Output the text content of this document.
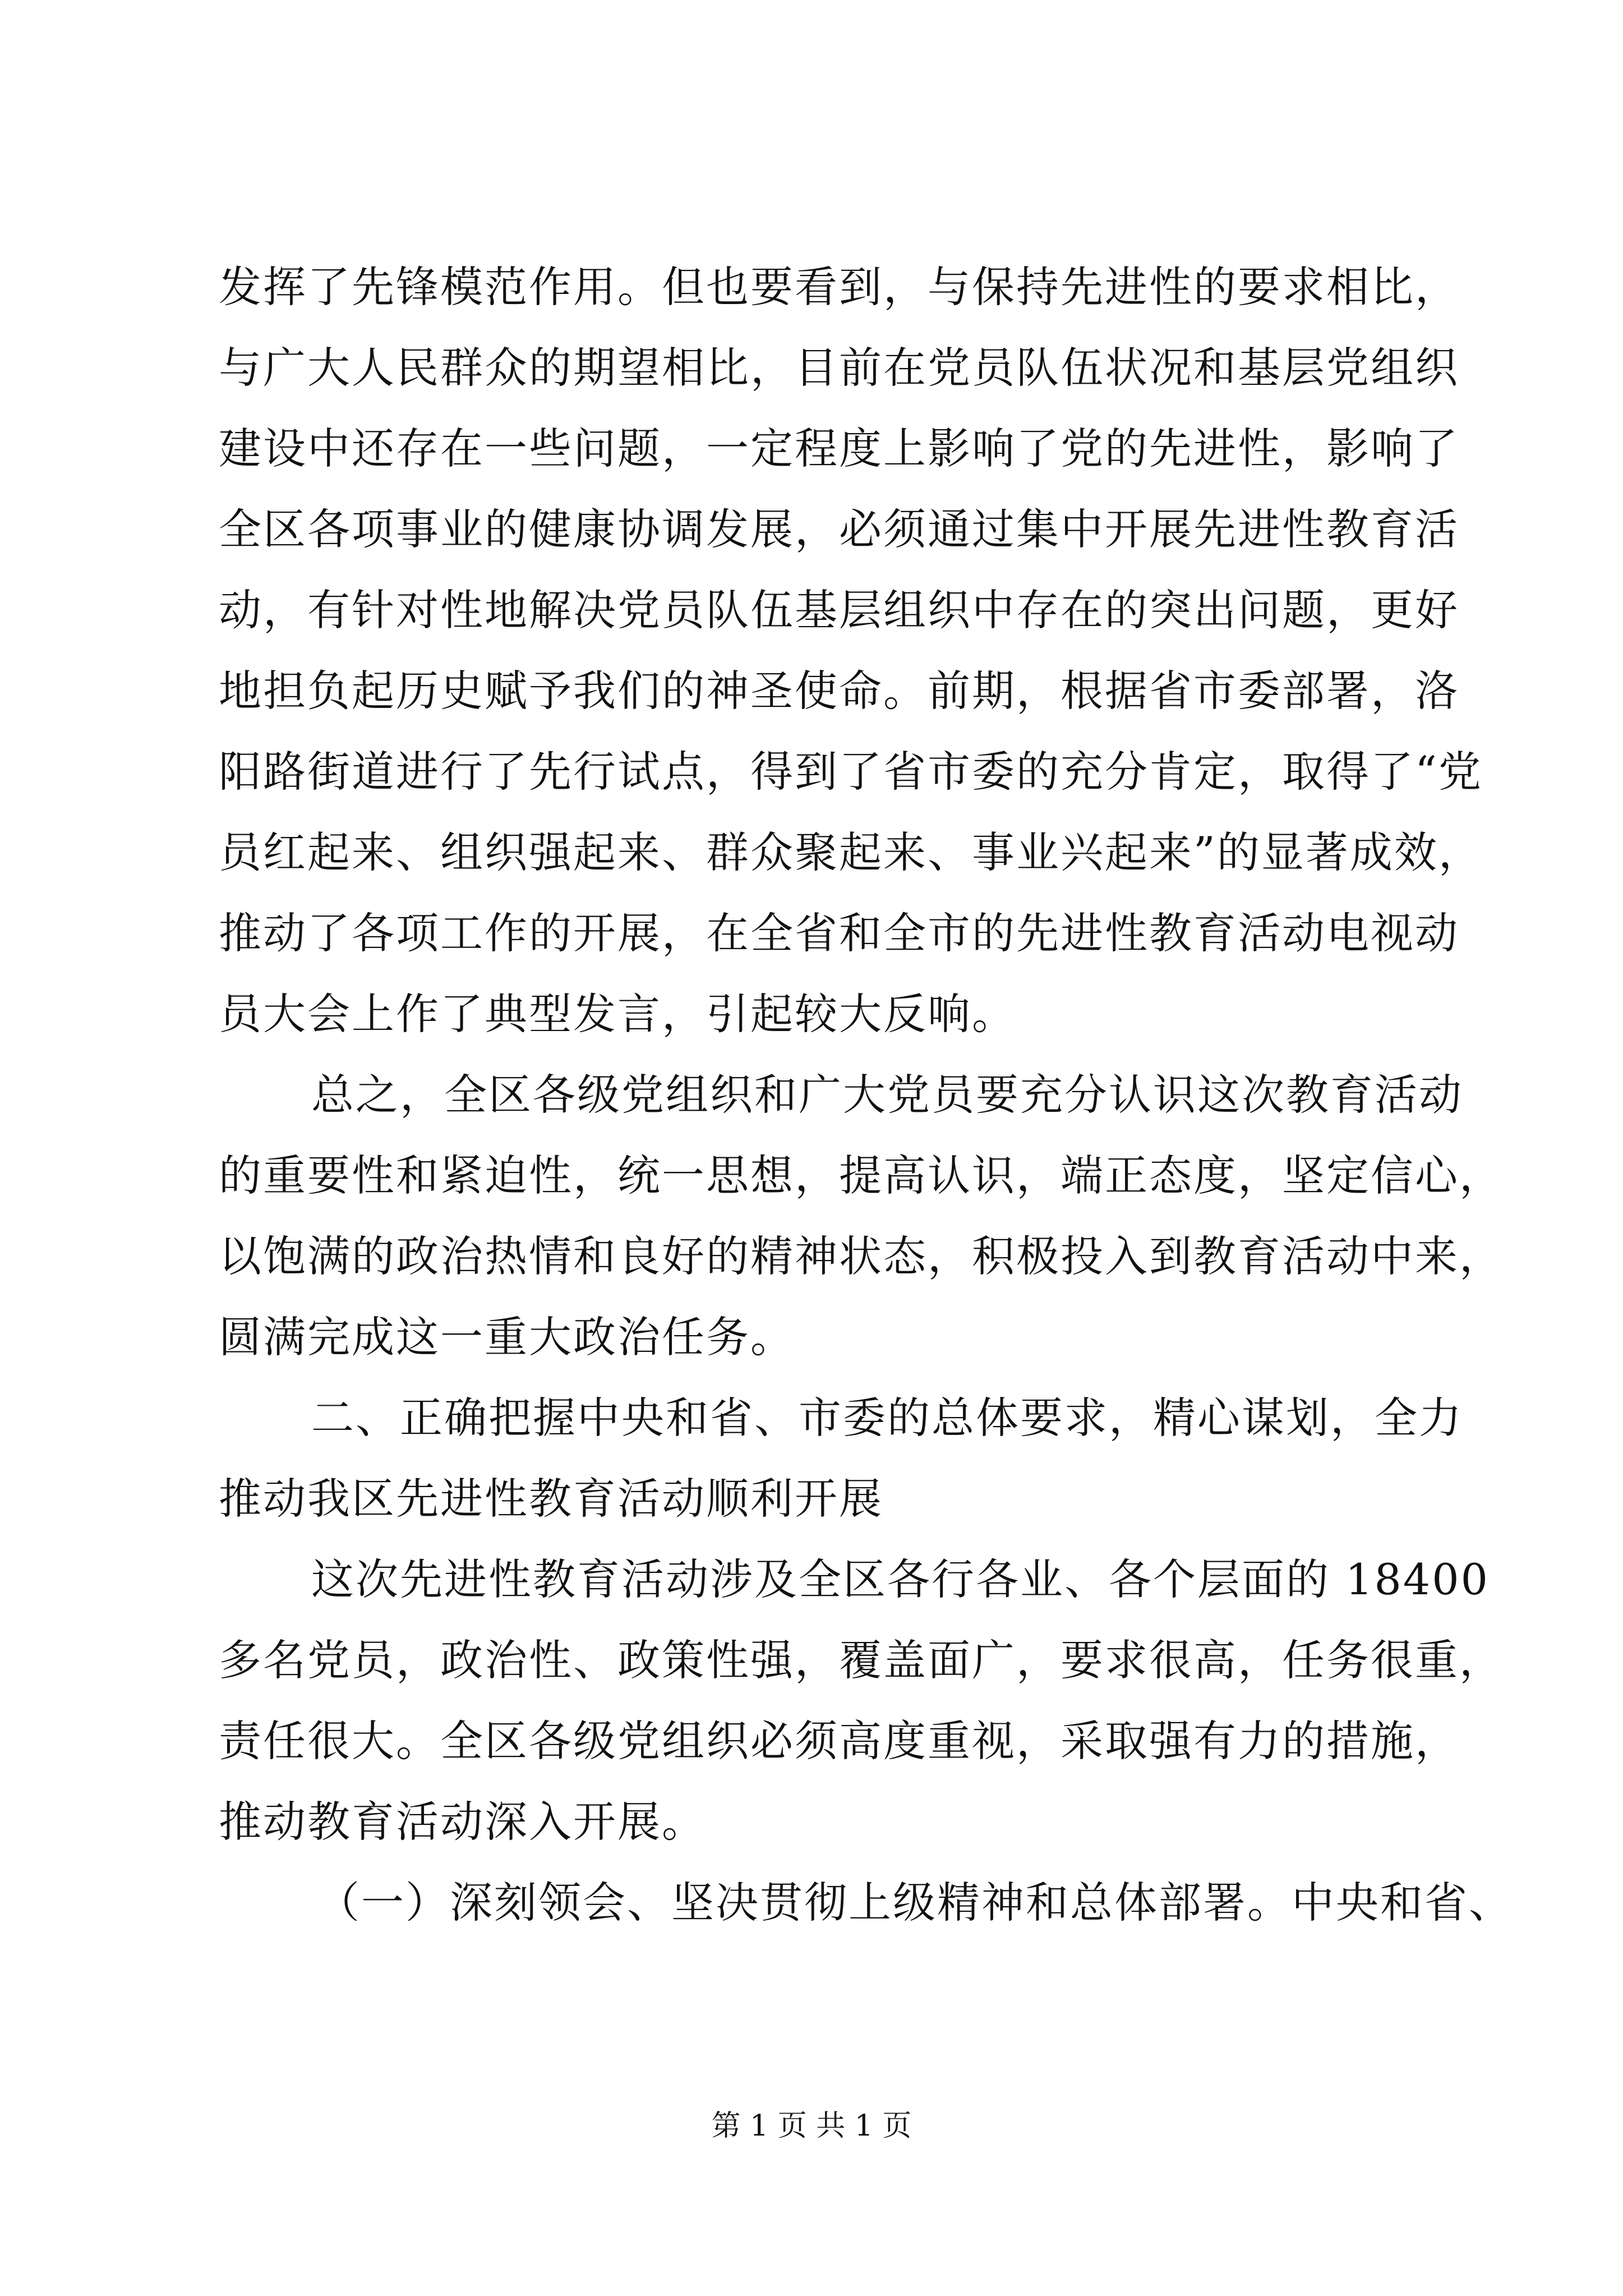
发挥了先锋模范作用。但也要看到，与保持先进性的要求相比，
与广大人民群众的期望相比，目前在党员队伍状况和基层党组织
建设中还存在一些问题，一定程度上影响了党的先进性，影响了
全区各项事业的健康协调发展，必须通过集中开展先进性教育活
动，有针对性地解决党员队伍基层组织中存在的突出问题，更好
地担负起历史赋予我们的神圣使命。前期，根据省市委部署，洛
阳路街道进行了先行试点，得到了省市委的充分肯定，取得了“党
员红起来、组织强起来、群众聚起来、事业兴起来”的显著成效，
推动了各项工作的开展，在全省和全市的先进性教育活动电视动
员大会上作了典型发言，引起较大反响。
总之，全区各级党组织和广大党员要充分认识这次教育活动
的重要性和紧迫性，统一思想，提高认识，端正态度，坚定信心，
以饱满的政治热情和良好的精神状态，积极投入到教育活动中来，
圆满完成这一重大政治任务。
二、正确把握中央和省、市委的总体要求，精心谋划，全力
推动我区先进性教育活动顺利开展
这次先进性教育活动涉及全区各行各业、各个层面的 18400
多名党员，政治性、政策性强，覆盖面广，要求很高，任务很重，
责任很大。全区各级党组织必须高度重视，采取强有力的措施，
推动教育活动深入开展。
（一）深刻领会、坚决贯彻上级精神和总体部署。中央和省、
第 1 页 共 1 页
